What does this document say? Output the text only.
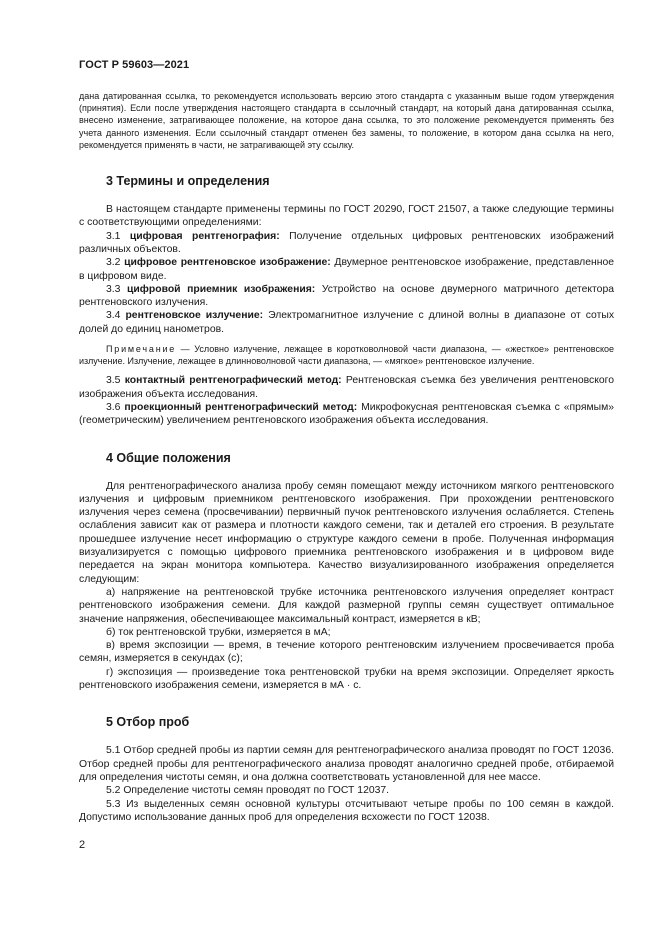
ГОСТ Р 59603—2021

дана датированная ссылка, то рекомендуется использовать версию этого стандарта с указанным выше годом утверждения (принятия). Если после утверждения настоящего стандарта в ссылочный стандарт, на который дана датированная ссылка, внесено изменение, затрагивающее положение, на которое дана ссылка, то это положение рекомендуется применять без учета данного изменения. Если ссылочный стандарт отменен без замены, то положение, в котором дана ссылка на него, рекомендуется применять в части, не затрагивающей эту ссылку.

3 Термины и определения

В настоящем стандарте применены термины по ГОСТ 20290, ГОСТ 21507, а также следующие термины с соответствующими определениями:

3.1 цифровая рентгенография: Получение отдельных цифровых рентгеновских изображений различных объектов.

3.2 цифровое рентгеновское изображение: Двумерное рентгеновское изображение, представленное в цифровом виде.

3.3 цифровой приемник изображения: Устройство на основе двумерного матричного детектора рентгеновского излучения.

3.4 рентгеновское излучение: Электромагнитное излучение с длиной волны в диапазоне от сотых долей до единиц нанометров.

Примечание — Условно излучение, лежащее в коротковолновой части диапазона, — «жесткое» рентгеновское излучение. Излучение, лежащее в длинноволновой части диапазона, — «мягкое» рентгеновское излучение.

3.5 контактный рентгенографический метод: Рентгеновская съемка без увеличения рентгеновского изображения объекта исследования.

3.6 проекционный рентгенографический метод: Микрофокусная рентгеновская съемка с «прямым» (геометрическим) увеличением рентгеновского изображения объекта исследования.

4 Общие положения

Для рентгенографического анализа пробу семян помещают между источником мягкого рентгеновского излучения и цифровым приемником рентгеновского изображения. При прохождении рентгеновского излучения через семена (просвечивании) первичный пучок рентгеновского излучения ослабляется. Степень ослабления зависит как от размера и плотности каждого семени, так и деталей его строения. В результате прошедшее излучение несет информацию о структуре каждого семени в пробе. Полученная информация визуализируется с помощью цифрового приемника рентгеновского изображения и в цифровом виде передается на экран монитора компьютера. Качество визуализированного изображения определяется следующим:

а) напряжение на рентгеновской трубке источника рентгеновского излучения определяет контраст рентгеновского изображения семени. Для каждой размерной группы семян существует оптимальное значение напряжения, обеспечивающее максимальный контраст, измеряется в кВ;

б) ток рентгеновской трубки, измеряется в мА;

в) время экспозиции — время, в течение которого рентгеновским излучением просвечивается проба семян, измеряется в секундах (с);

г) экспозиция — произведение тока рентгеновской трубки на время экспозиции. Определяет яркость рентгеновского изображения семени, измеряется в мА · с.

5 Отбор проб

5.1 Отбор средней пробы из партии семян для рентгенографического анализа проводят по ГОСТ 12036. Отбор средней пробы для рентгенографического анализа проводят аналогично средней пробе, отбираемой для определения чистоты семян, и она должна соответствовать установленной для нее массе.

5.2 Определение чистоты семян проводят по ГОСТ 12037.

5.3 Из выделенных семян основной культуры отсчитывают четыре пробы по 100 семян в каждой. Допустимо использование данных проб для определения всхожести по ГОСТ 12038.

2
